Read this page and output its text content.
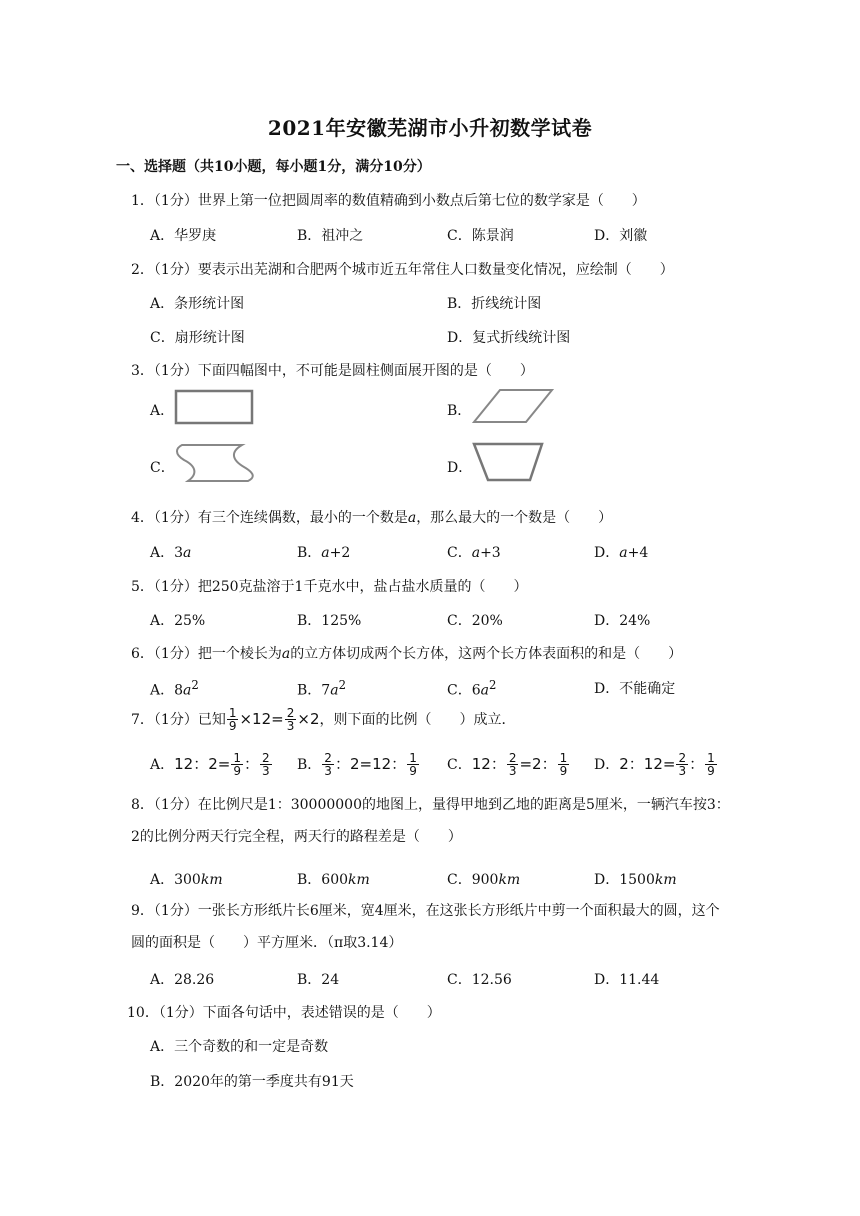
2021年安徽芜湖市小升初数学试卷
一、选择题（共10小题，每小题1分，满分10分）
1．（1分）世界上第一位把圆周率的数值精确到小数点后第七位的数学家是（　　）
A．华罗庚	B．祖冲之	C．陈景润	D．刘徽
2．（1分）要表示出芜湖和合肥两个城市近五年常住人口数量变化情况，应绘制（　　）
A．条形统计图	B．折线统计图
C．扇形统计图	D．复式折线统计图
3．（1分）下面四幅图中，不可能是圆柱侧面展开图的是（　　）
A．	B．
C．	D．
4．（1分）有三个连续偶数，最小的一个数是a，那么最大的一个数是（　　）
A．3a	B．a+2	C．a+3	D．a+4
5．（1分）把250克盐溶于1千克水中，盐占盐水质量的（　　）
A．25%	B．125%	C．20%	D．24%
6．（1分）把一个棱长为a的立方体切成两个长方体，这两个长方体表面积的和是（　　）
A．$8a^2$	B．$7a^2$	C．$6a^2$	D．不能确定
7．（1分）已知 $\frac{1}{9} \times 12= \frac{2}{3} \times 2$，则下面的比例（　　）成立．
A．12：$2= \frac{1}{9}$ ： $\frac{2}{3}$ B． $\frac{2}{3}$ ：2=12： $\frac{1}{9}$ C．12： $\frac{2}{3} =2$： $\frac{1}{9}$ D．2：$12= \frac{2}{3}$ ： $\frac{1}{9}$
8．（1分）在比例尺是1：30000000的地图上，量得甲地到乙地的距离是5厘米，一辆汽车按3：2的比例分两天行完全程，两天行的路程差是（　　）
A．300km	B．600km	C．900km	D．1500km
9．（1分）一张长方形纸片长6厘米，宽4厘米，在这张长方形纸片中剪一个面积最大的圆，这个圆的面积是（　　）平方厘米．（π取3.14）
A．28.26	B．24	C．12.56	D．11.44
10．（1分）下面各句话中，表述错误的是（　　）
A．三个奇数的和一定是奇数
B．2020年的第一季度共有91天
